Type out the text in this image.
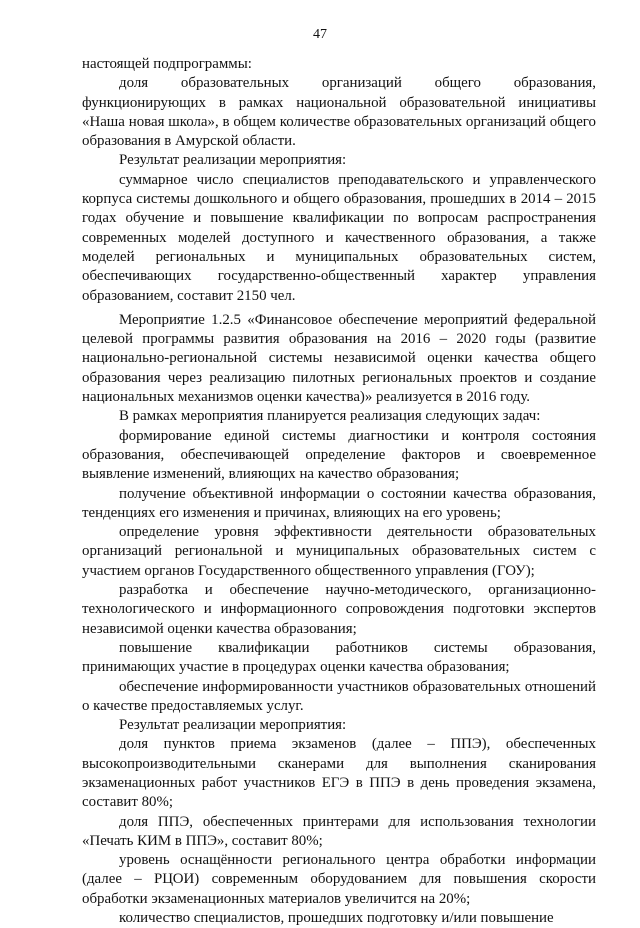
47

настоящей подпрограммы:

доля образовательных организаций общего образования, функционирующих в рамках национальной образовательной инициативы «Наша новая школа», в общем количестве образовательных организаций общего образования в Амурской области.

Результат реализации мероприятия:

суммарное число специалистов преподавательского и управленческого корпуса системы дошкольного и общего образования, прошедших в 2014 – 2015 годах обучение и повышение квалификации по вопросам распространения современных моделей доступного и качественного образования, а также моделей региональных и муниципальных образовательных систем, обеспечивающих государственно-общественный характер управления образованием, составит 2150 чел.

Мероприятие 1.2.5 «Финансовое обеспечение мероприятий федеральной целевой программы развития образования на 2016 – 2020 годы (развитие национально-региональной системы независимой оценки качества общего образования через реализацию пилотных региональных проектов и создание национальных механизмов оценки качества)» реализуется в 2016 году.

В рамках мероприятия планируется реализация следующих задач:

формирование единой системы диагностики и контроля состояния образования, обеспечивающей определение факторов и своевременное выявление изменений, влияющих на качество образования;

получение объективной информации о состоянии качества образования, тенденциях его изменения и причинах, влияющих на его уровень;

определение уровня эффективности деятельности образовательных организаций региональной и муниципальных образовательных систем с участием органов Государственного общественного управления (ГОУ);

разработка и обеспечение научно-методического, организационно-технологического и информационного сопровождения подготовки экспертов независимой оценки качества образования;

повышение квалификации работников системы образования, принимающих участие в процедурах оценки качества образования;

обеспечение информированности участников образовательных отношений о качестве предоставляемых услуг.

Результат реализации мероприятия:

доля пунктов приема экзаменов (далее – ППЭ), обеспеченных высокопроизводительными сканерами для выполнения сканирования экзаменационных работ участников ЕГЭ в ППЭ в день проведения экзамена, составит 80%;

доля ППЭ, обеспеченных принтерами для использования технологии «Печать КИМ в ППЭ», составит 80%;

уровень оснащённости регионального центра обработки информации (далее – РЦОИ) современным оборудованием для повышения скорости обработки экзаменационных материалов увеличится на 20%;

количество специалистов, прошедших подготовку и/или повышение
